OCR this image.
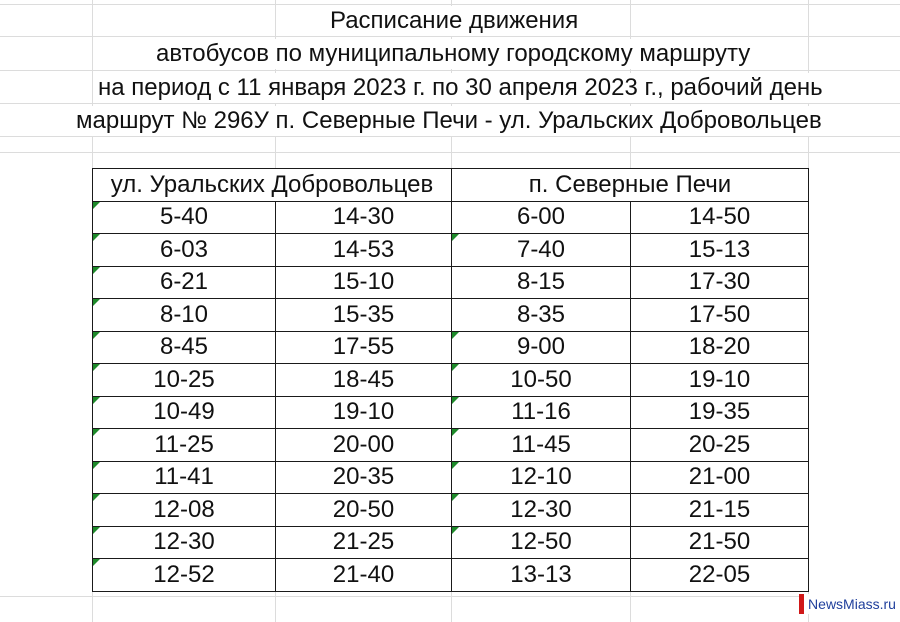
Расписание движения
автобусов по муниципальному городскому маршруту
на период с 11 января 2023 г. по 30 апреля 2023 г., рабочий день
маршрут № 296У п. Северные Печи - ул. Уральских Добровольцев
ул. Уральских Добровольцев		п. Северные Печи	

5-40	14-30	6-00	14-50

6-03	14-53	7-40	15-13

6-21	15-10	8-15	17-30

8-10	15-35	8-35	17-50

8-45	17-55	9-00	18-20

10-25	18-45	10-50	19-10

10-49	19-10	11-16	19-35

11-25	20-00	11-45	20-25

11-41	20-35	12-10	21-00

12-08	20-50	12-30	21-15

12-30	21-25	12-50	21-50

12-52	21-40	13-13	22-05
NewsMiass.ru
